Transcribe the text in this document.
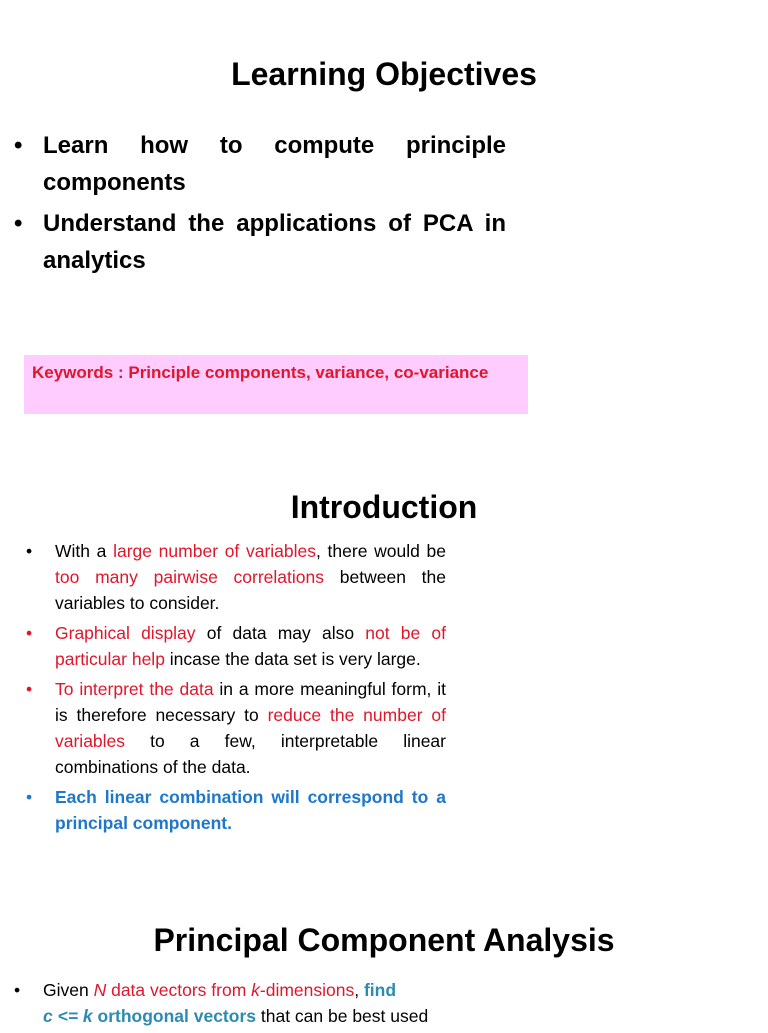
Learning Objectives
• Learn how to compute principle components
• Understand the applications of PCA in analytics
Keywords : Principle components, variance, co-variance
Introduction
• With a large number of variables, there would be too many pairwise correlations between the variables to consider.
• Graphical display of data may also not be of particular help incase the data set is very large.
• To interpret the data in a more meaningful form, it is therefore necessary to reduce the number of variables to a few, interpretable linear combinations of the data.
• Each linear combination will correspond to a principal component.
Principal Component Analysis
• Given N data vectors from k-dimensions, find
c <= k orthogonal vectors that can be best used
